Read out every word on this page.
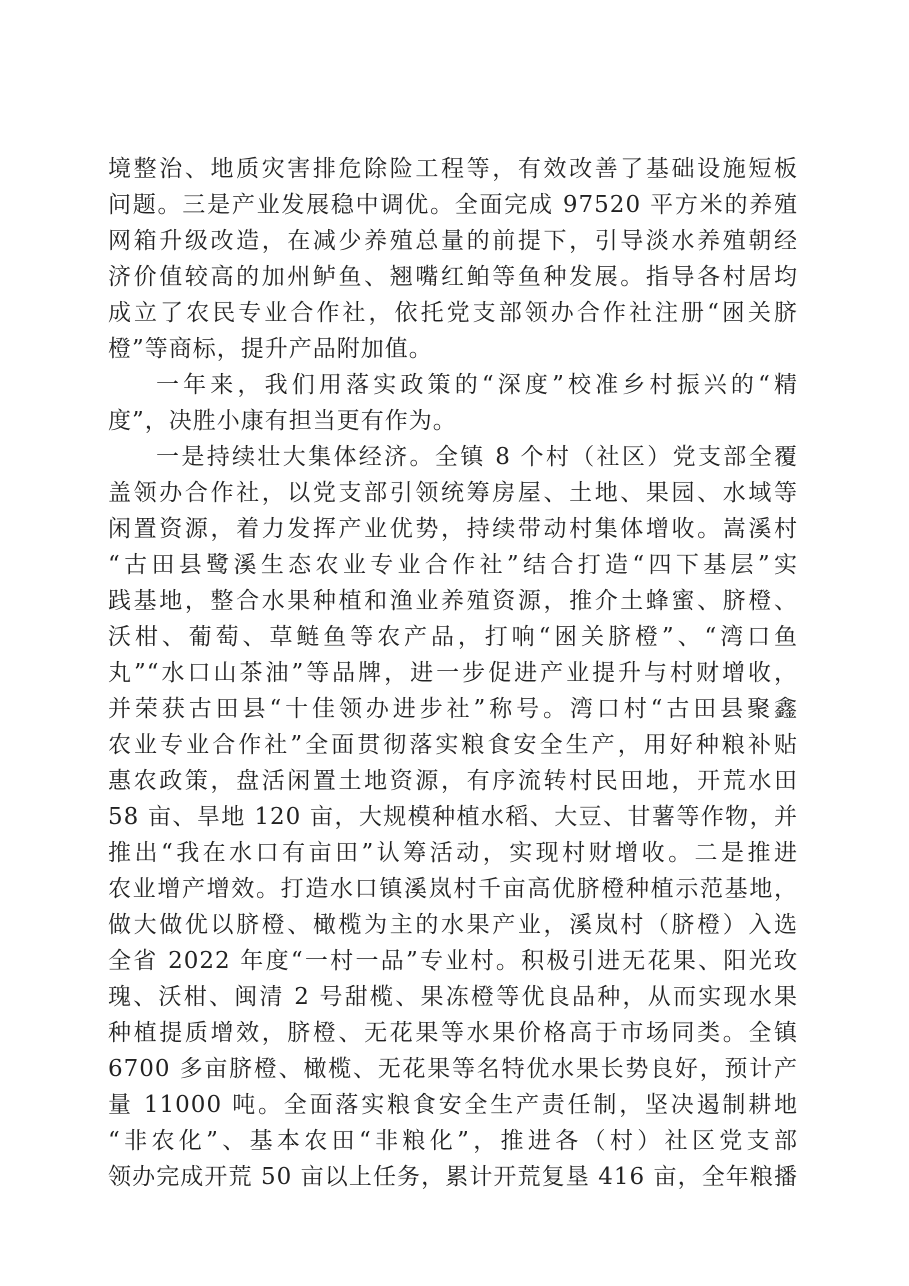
境整治、地质灾害排危除险工程等，有效改善了基础设施短板
问题。三是产业发展稳中调优。全面完成 97520 平方米的养殖
网箱升级改造，在减少养殖总量的前提下，引导淡水养殖朝经
济价值较高的加州鲈鱼、翘嘴红鲌等鱼种发展。指导各村居均
成立了农民专业合作社，依托党支部领办合作社注册“囦关脐
橙”等商标，提升产品附加值。
一年来，我们用落实政策的“深度”校准乡村振兴的“精
度”，决胜小康有担当更有作为。
一是持续壮大集体经济。全镇 8 个村（社区）党支部全覆
盖领办合作社，以党支部引领统筹房屋、土地、果园、水域等
闲置资源，着力发挥产业优势，持续带动村集体增收。嵩溪村
“古田县鹭溪生态农业专业合作社”结合打造“四下基层”实
践基地，整合水果种植和渔业养殖资源，推介土蜂蜜、脐橙、
沃柑、葡萄、草鲢鱼等农产品，打响“囦关脐橙”、“湾口鱼
丸”“水口山茶油”等品牌，进一步促进产业提升与村财增收，
并荣获古田县“十佳领办进步社”称号。湾口村“古田县聚鑫
农业专业合作社”全面贯彻落实粮食安全生产，用好种粮补贴
惠农政策，盘活闲置土地资源，有序流转村民田地，开荒水田
58 亩、旱地 120 亩，大规模种植水稻、大豆、甘薯等作物，并
推出“我在水口有亩田”认筹活动，实现村财增收。二是推进
农业增产增效。打造水口镇溪岚村千亩高优脐橙种植示范基地，
做大做优以脐橙、橄榄为主的水果产业，溪岚村（脐橙）入选
全省 2022 年度“一村一品”专业村。积极引进无花果、阳光玫
瑰、沃柑、闽清 2 号甜榄、果冻橙等优良品种，从而实现水果
种植提质增效，脐橙、无花果等水果价格高于市场同类。全镇
6700 多亩脐橙、橄榄、无花果等名特优水果长势良好，预计产
量 11000 吨。全面落实粮食安全生产责任制，坚决遏制耕地
“非农化”、基本农田“非粮化”，推进各（村）社区党支部
领办完成开荒 50 亩以上任务，累计开荒复垦 416 亩，全年粮播
